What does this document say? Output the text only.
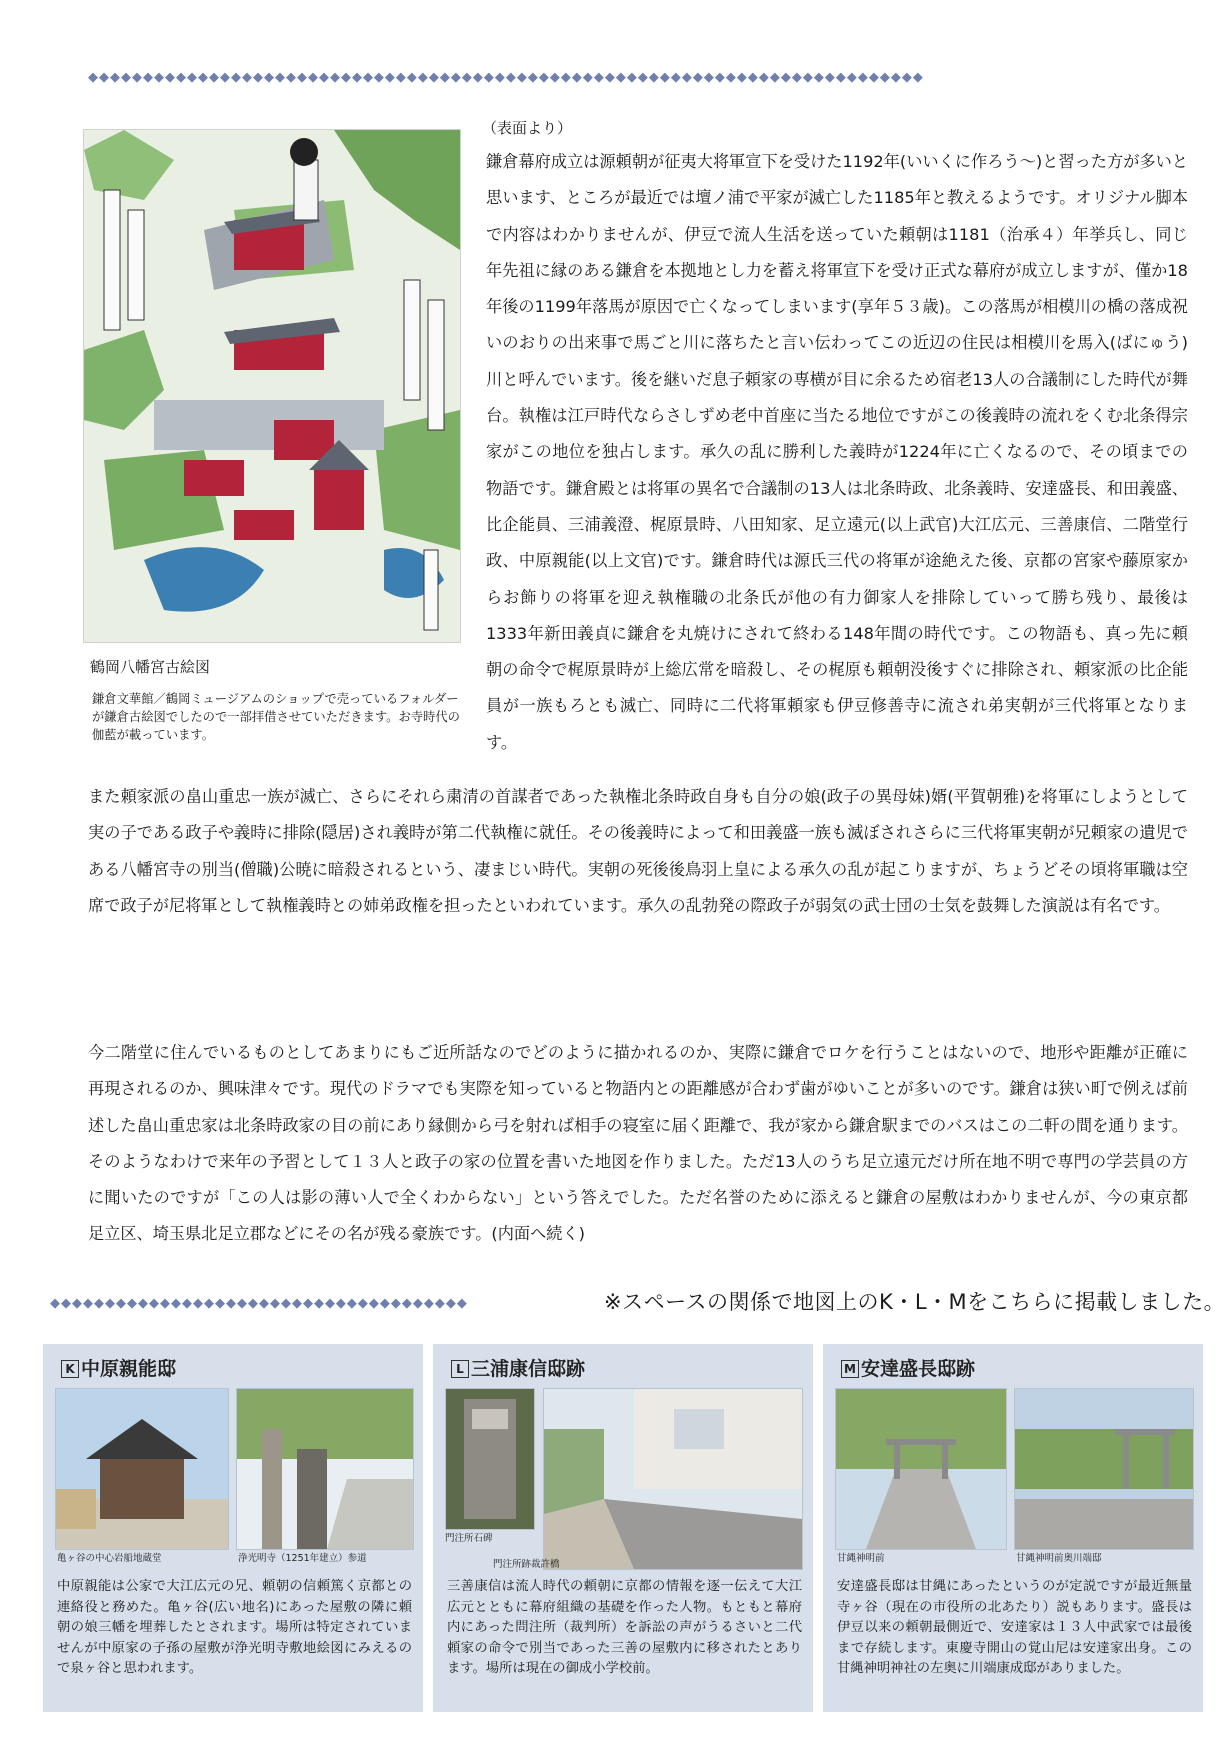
◆◆◆◆◆◆◆◆◆◆◆◆◆◆◆◆◆◆◆◆◆◆◆◆◆◆◆◆◆◆◆◆◆◆◆◆◆◆◆◆◆◆◆◆◆◆◆◆◆◆◆◆◆◆◆◆◆◆◆◆◆◆◆◆◆◆◆◆◆◆◆◆◆◆◆◆
鶴岡八幡宮古絵図
鎌倉文華館／鶴岡ミュージアムのショップで売っているフォルダーが鎌倉古絵図でしたので一部拝借させていただきます。お寺時代の伽藍が載っています。
（表面より）
鎌倉幕府成立は源頼朝が征夷大将軍宣下を受けた1192年(いいくに作ろう〜)と習った方が多いと思います、ところが最近では壇ノ浦で平家が滅亡した1185年と教えるようです。オリジナル脚本で内容はわかりませんが、伊豆で流人生活を送っていた頼朝は1181（治承４）年挙兵し、同じ年先祖に縁のある鎌倉を本拠地とし力を蓄え将軍宣下を受け正式な幕府が成立しますが、僅か18年後の1199年落馬が原因で亡くなってしまいます(享年５３歳)。この落馬が相模川の橋の落成祝いのおりの出来事で馬ごと川に落ちたと言い伝わってこの近辺の住民は相模川を馬入(ばにゅう)川と呼んでいます。後を継いだ息子頼家の専横が目に余るため宿老13人の合議制にした時代が舞台。執権は江戸時代ならさしずめ老中首座に当たる地位ですがこの後義時の流れをくむ北条得宗家がこの地位を独占します。承久の乱に勝利した義時が1224年に亡くなるので、その頃までの物語です。鎌倉殿とは将軍の異名で合議制の13人は北条時政、北条義時、安達盛長、和田義盛、比企能員、三浦義澄、梶原景時、八田知家、足立遠元(以上武官)大江広元、三善康信、二階堂行政、中原親能(以上文官)です。鎌倉時代は源氏三代の将軍が途絶えた後、京都の宮家や藤原家からお飾りの将軍を迎え執権職の北条氏が他の有力御家人を排除していって勝ち残り、最後は1333年新田義貞に鎌倉を丸焼けにされて終わる148年間の時代です。この物語も、真っ先に頼朝の命令で梶原景時が上総広常を暗殺し、その梶原も頼朝没後すぐに排除され、頼家派の比企能員が一族もろとも滅亡、同時に二代将軍頼家も伊豆修善寺に流され弟実朝が三代将軍となります。
また頼家派の畠山重忠一族が滅亡、さらにそれら粛清の首謀者であった執権北条時政自身も自分の娘(政子の異母妹)婿(平賀朝雅)を将軍にしようとして実の子である政子や義時に排除(隠居)され義時が第二代執権に就任。その後義時によって和田義盛一族も滅ぼされさらに三代将軍実朝が兄頼家の遺児である八幡宮寺の別当(僧職)公暁に暗殺されるという、凄まじい時代。実朝の死後後鳥羽上皇による承久の乱が起こりますが、ちょうどその頃将軍職は空席で政子が尼将軍として執権義時との姉弟政権を担ったといわれています。承久の乱勃発の際政子が弱気の武士団の士気を鼓舞した演説は有名です。
今二階堂に住んでいるものとしてあまりにもご近所話なのでどのように描かれるのか、実際に鎌倉でロケを行うことはないので、地形や距離が正確に再現されるのか、興味津々です。現代のドラマでも実際を知っていると物語内との距離感が合わず歯がゆいことが多いのです。鎌倉は狭い町で例えば前述した畠山重忠家は北条時政家の目の前にあり縁側から弓を射れば相手の寝室に届く距離で、我が家から鎌倉駅までのバスはこの二軒の間を通ります。そのようなわけで来年の予習として１３人と政子の家の位置を書いた地図を作りました。ただ13人のうち足立遠元だけ所在地不明で専門の学芸員の方に聞いたのですが「この人は影の薄い人で全くわからない」という答えでした。ただ名誉のために添えると鎌倉の屋敷はわかりませんが、今の東京都足立区、埼玉県北足立郡などにその名が残る豪族です。(内面へ続く)
◆◆◆◆◆◆◆◆◆◆◆◆◆◆◆◆◆◆◆◆◆◆◆◆◆◆◆◆◆◆◆◆◆◆◆◆◆◆	※スペースの関係で地図上のK・L・Mをこちらに掲載しました。
K 中原親能邸
亀ヶ谷の中心岩船地蔵堂	浄光明寺（1251年建立）参道
中原親能は公家で大江広元の兄、頼朝の信頼篤く京都との連絡役と務めた。亀ヶ谷(広い地名)にあった屋敷の隣に頼朝の娘三幡を埋葬したとされます。場所は特定されていませんが中原家の子孫の屋敷が浄光明寺敷地絵図にみえるので泉ヶ谷と思われます。
L 三浦康信邸跡
門注所石碑
門注所跡裁許橋
三善康信は流人時代の頼朝に京都の情報を逐一伝えて大江広元とともに幕府組織の基礎を作った人物。もともと幕府内にあった問注所（裁判所）を訴訟の声がうるさいと二代頼家の命令で別当であった三善の屋敷内に移されたとあります。場所は現在の御成小学校前。
M 安達盛長邸跡
甘縄神明前	甘縄神明前奥川端邸
安達盛長邸は甘縄にあったというのが定説ですが最近無量寺ヶ谷（現在の市役所の北あたり）説もあります。盛長は伊豆以来の頼朝最側近で、安達家は１３人中武家では最後まで存続します。東慶寺開山の覚山尼は安達家出身。この甘縄神明神社の左奥に川端康成邸がありました。
